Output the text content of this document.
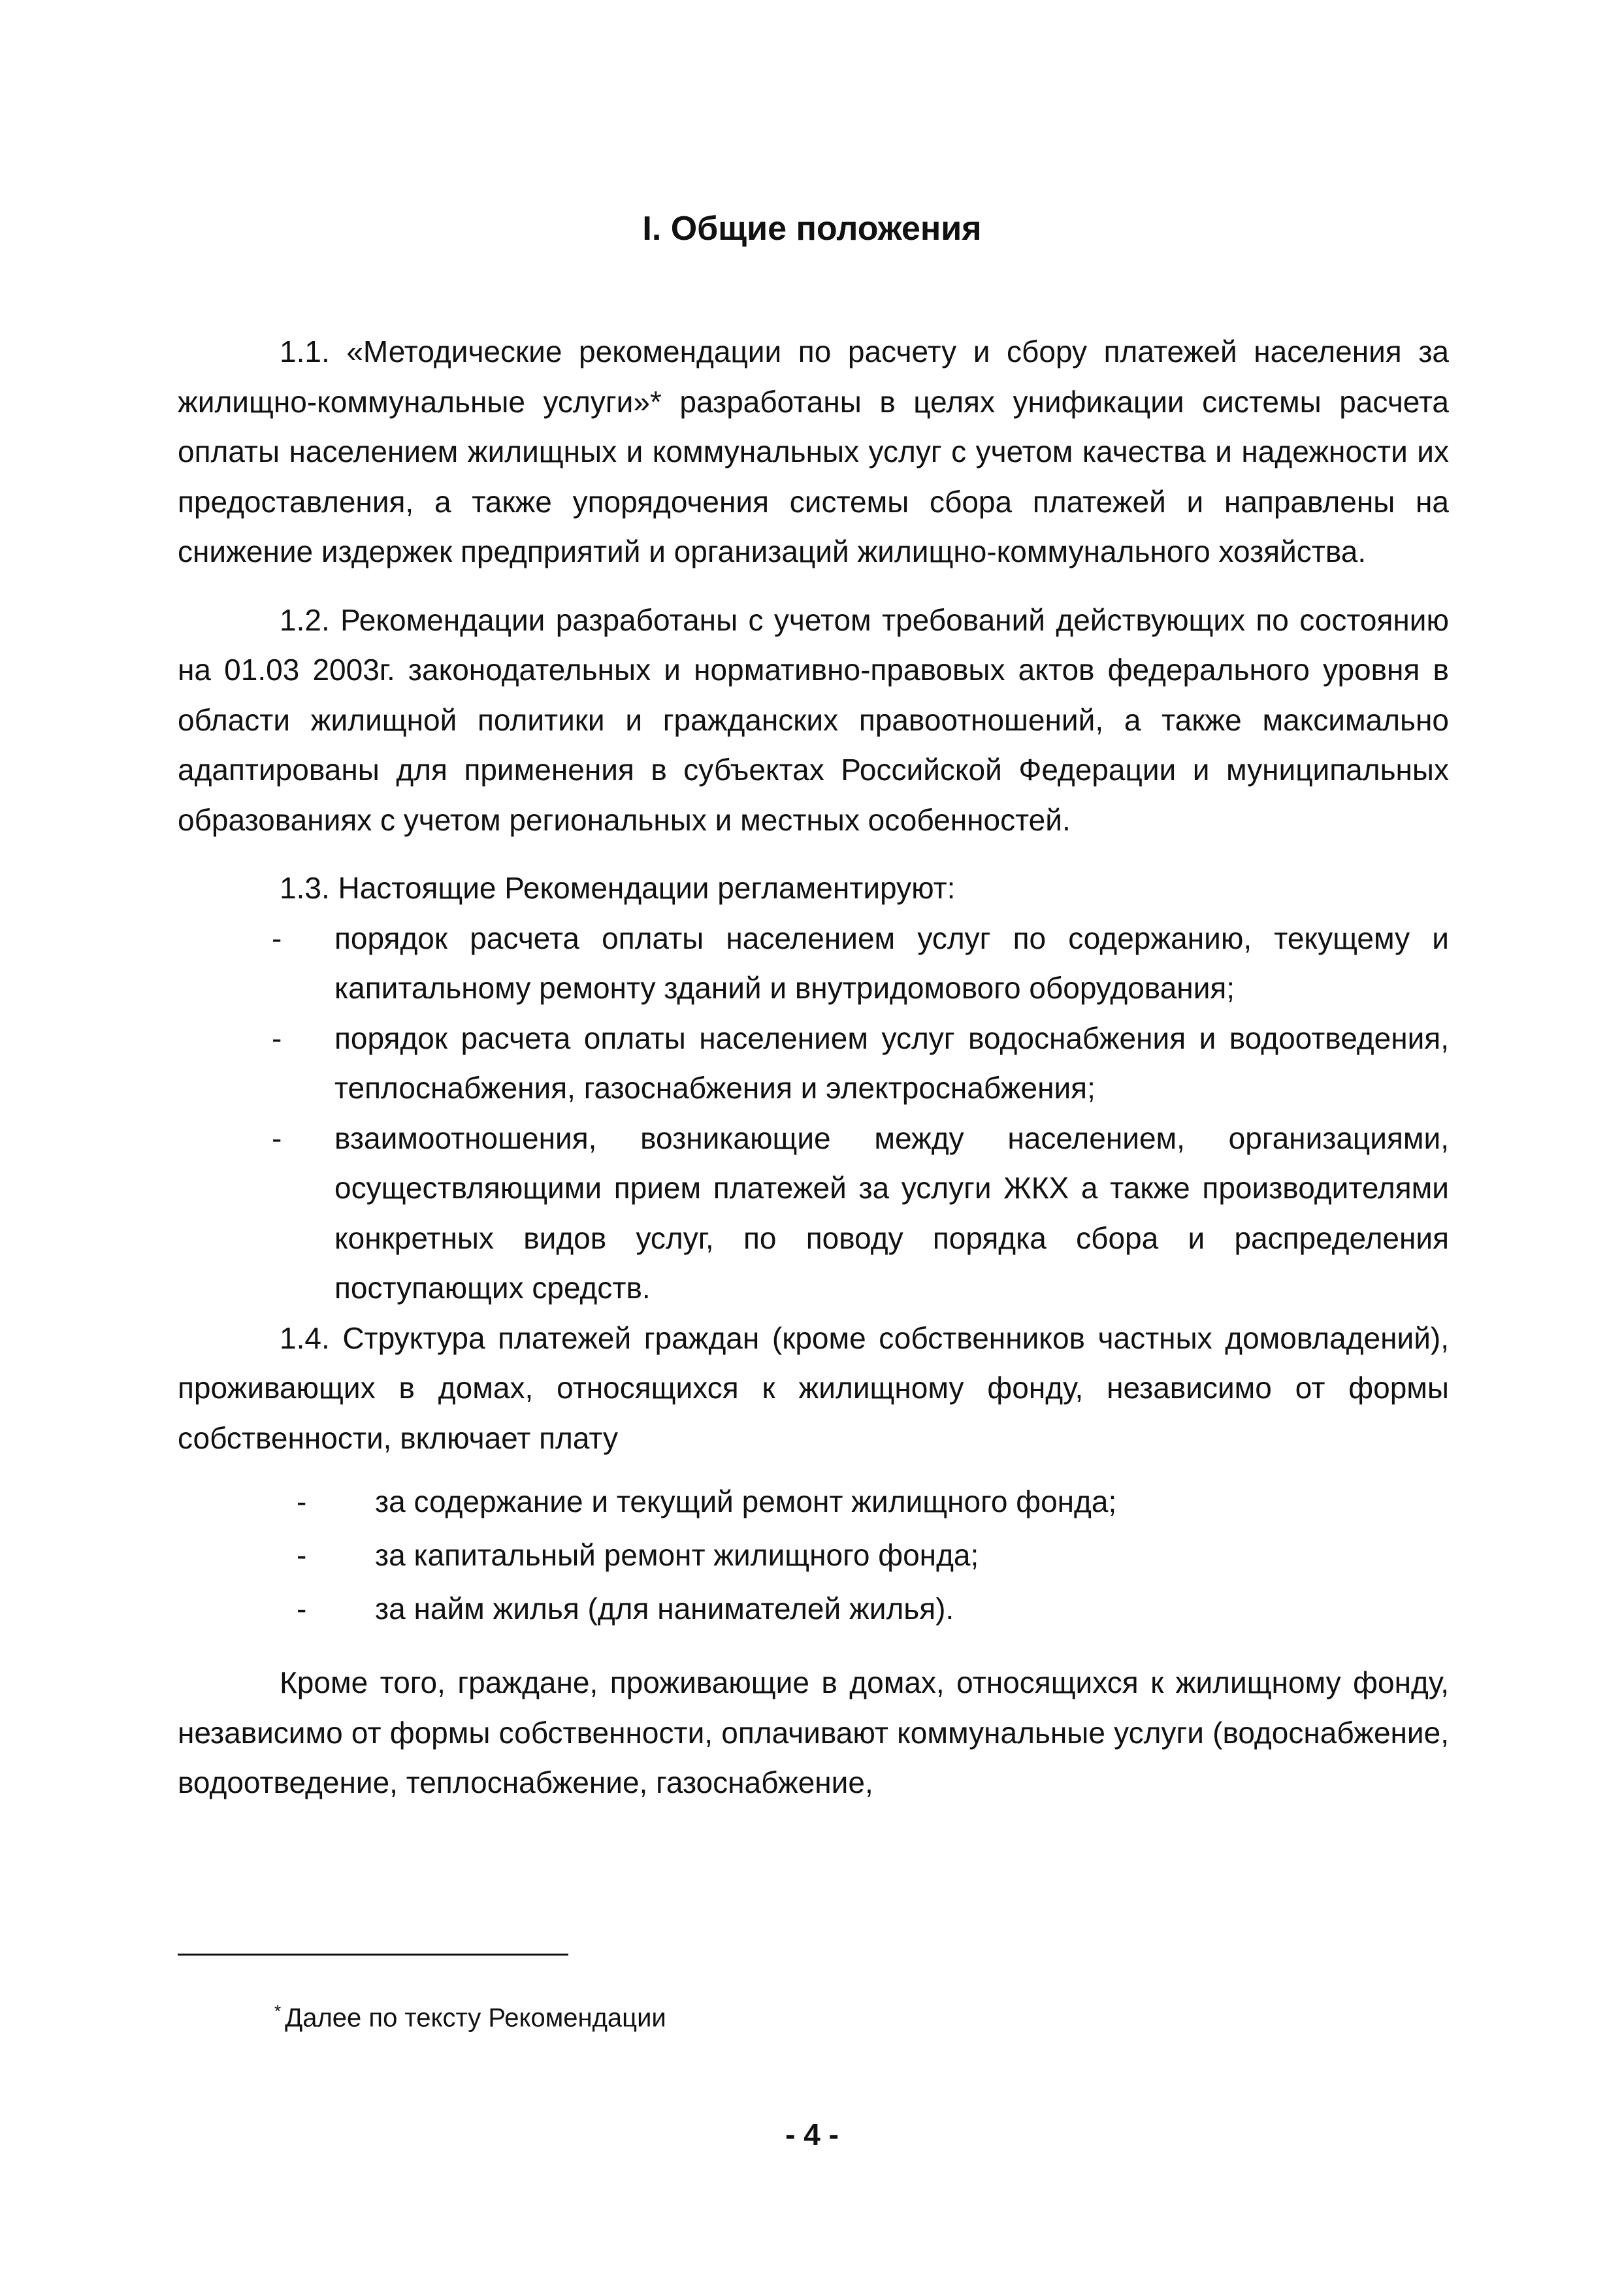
I. Общие положения

1.1. «Методические рекомендации по расчету и сбору платежей населения за жилищно-коммунальные услуги»* разработаны в целях унификации системы расчета оплаты населением жилищных и коммунальных услуг с учетом качества и надежности их предоставления, а также упорядочения системы сбора платежей и направлены на снижение издержек предприятий и организаций жилищно-коммунального хозяйства.

1.2. Рекомендации разработаны с учетом требований действующих по состоянию на 01.03 2003г. законодательных и нормативно-правовых актов федерального уровня в области жилищной политики и гражданских правоотношений, а также максимально адаптированы для применения в субъектах Российской Федерации и муниципальных образованиях с учетом региональных и местных особенностей.

1.3. Настоящие Рекомендации регламентируют:

- порядок расчета оплаты населением услуг по содержанию, текущему и капитальному ремонту зданий и внутридомового оборудования;
- порядок расчета оплаты населением услуг водоснабжения и водоотведения, теплоснабжения, газоснабжения и электроснабжения;
- взаимоотношения, возникающие между населением, организациями, осуществляющими прием платежей за услуги ЖКХ а также производителями конкретных видов услуг, по поводу порядка сбора и распределения поступающих средств.

1.4. Структура платежей граждан (кроме собственников частных домовладений), проживающих в домах, относящихся к жилищному фонду, независимо от формы собственности, включает плату

- за содержание и текущий ремонт жилищного фонда;
- за капитальный ремонт жилищного фонда;
- за найм жилья (для нанимателей жилья).

Кроме того, граждане, проживающие в домах, относящихся к жилищному фонду, независимо от формы собственности, оплачивают коммунальные услуги (водоснабжение, водоотведение, теплоснабжение, газоснабжение,

* Далее по тексту Рекомендации
- 4 -
